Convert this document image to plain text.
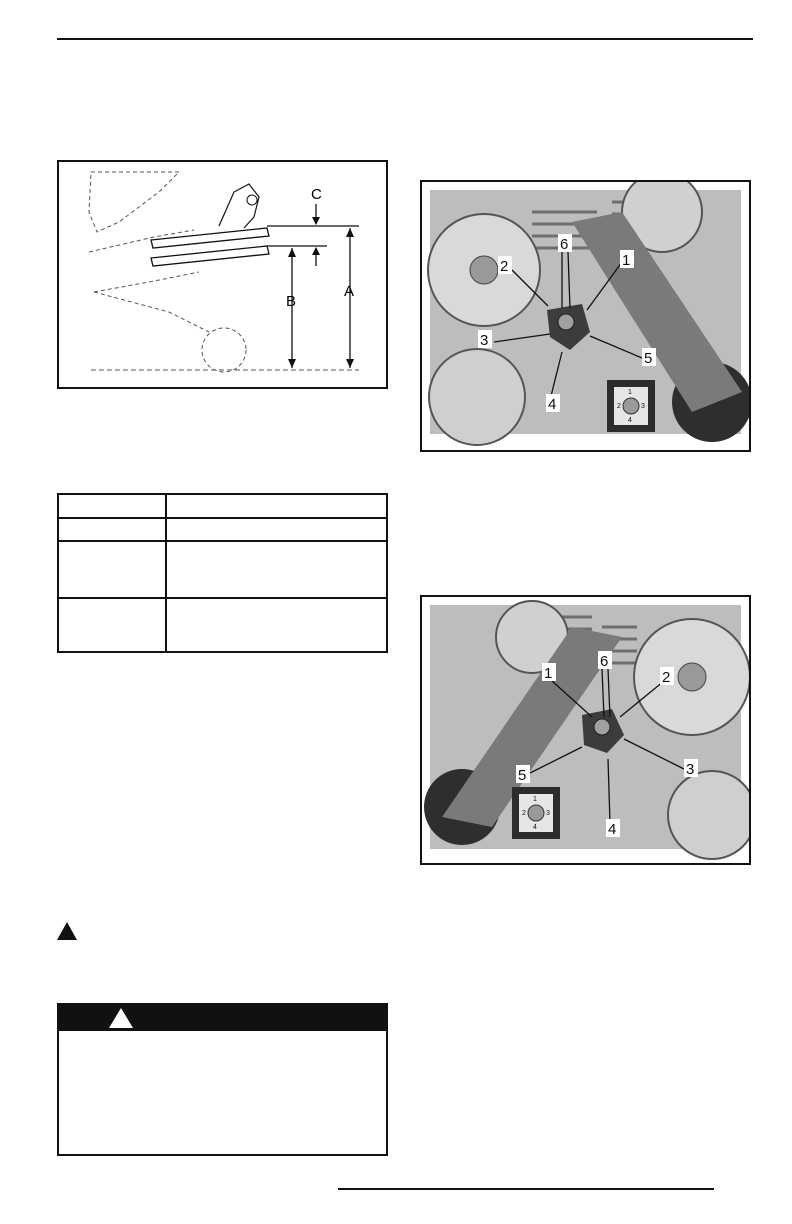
A
B
C
1
2	3
4
1
2
3
4
5
6
1
2	3
4
1	2
3
4
5
6
